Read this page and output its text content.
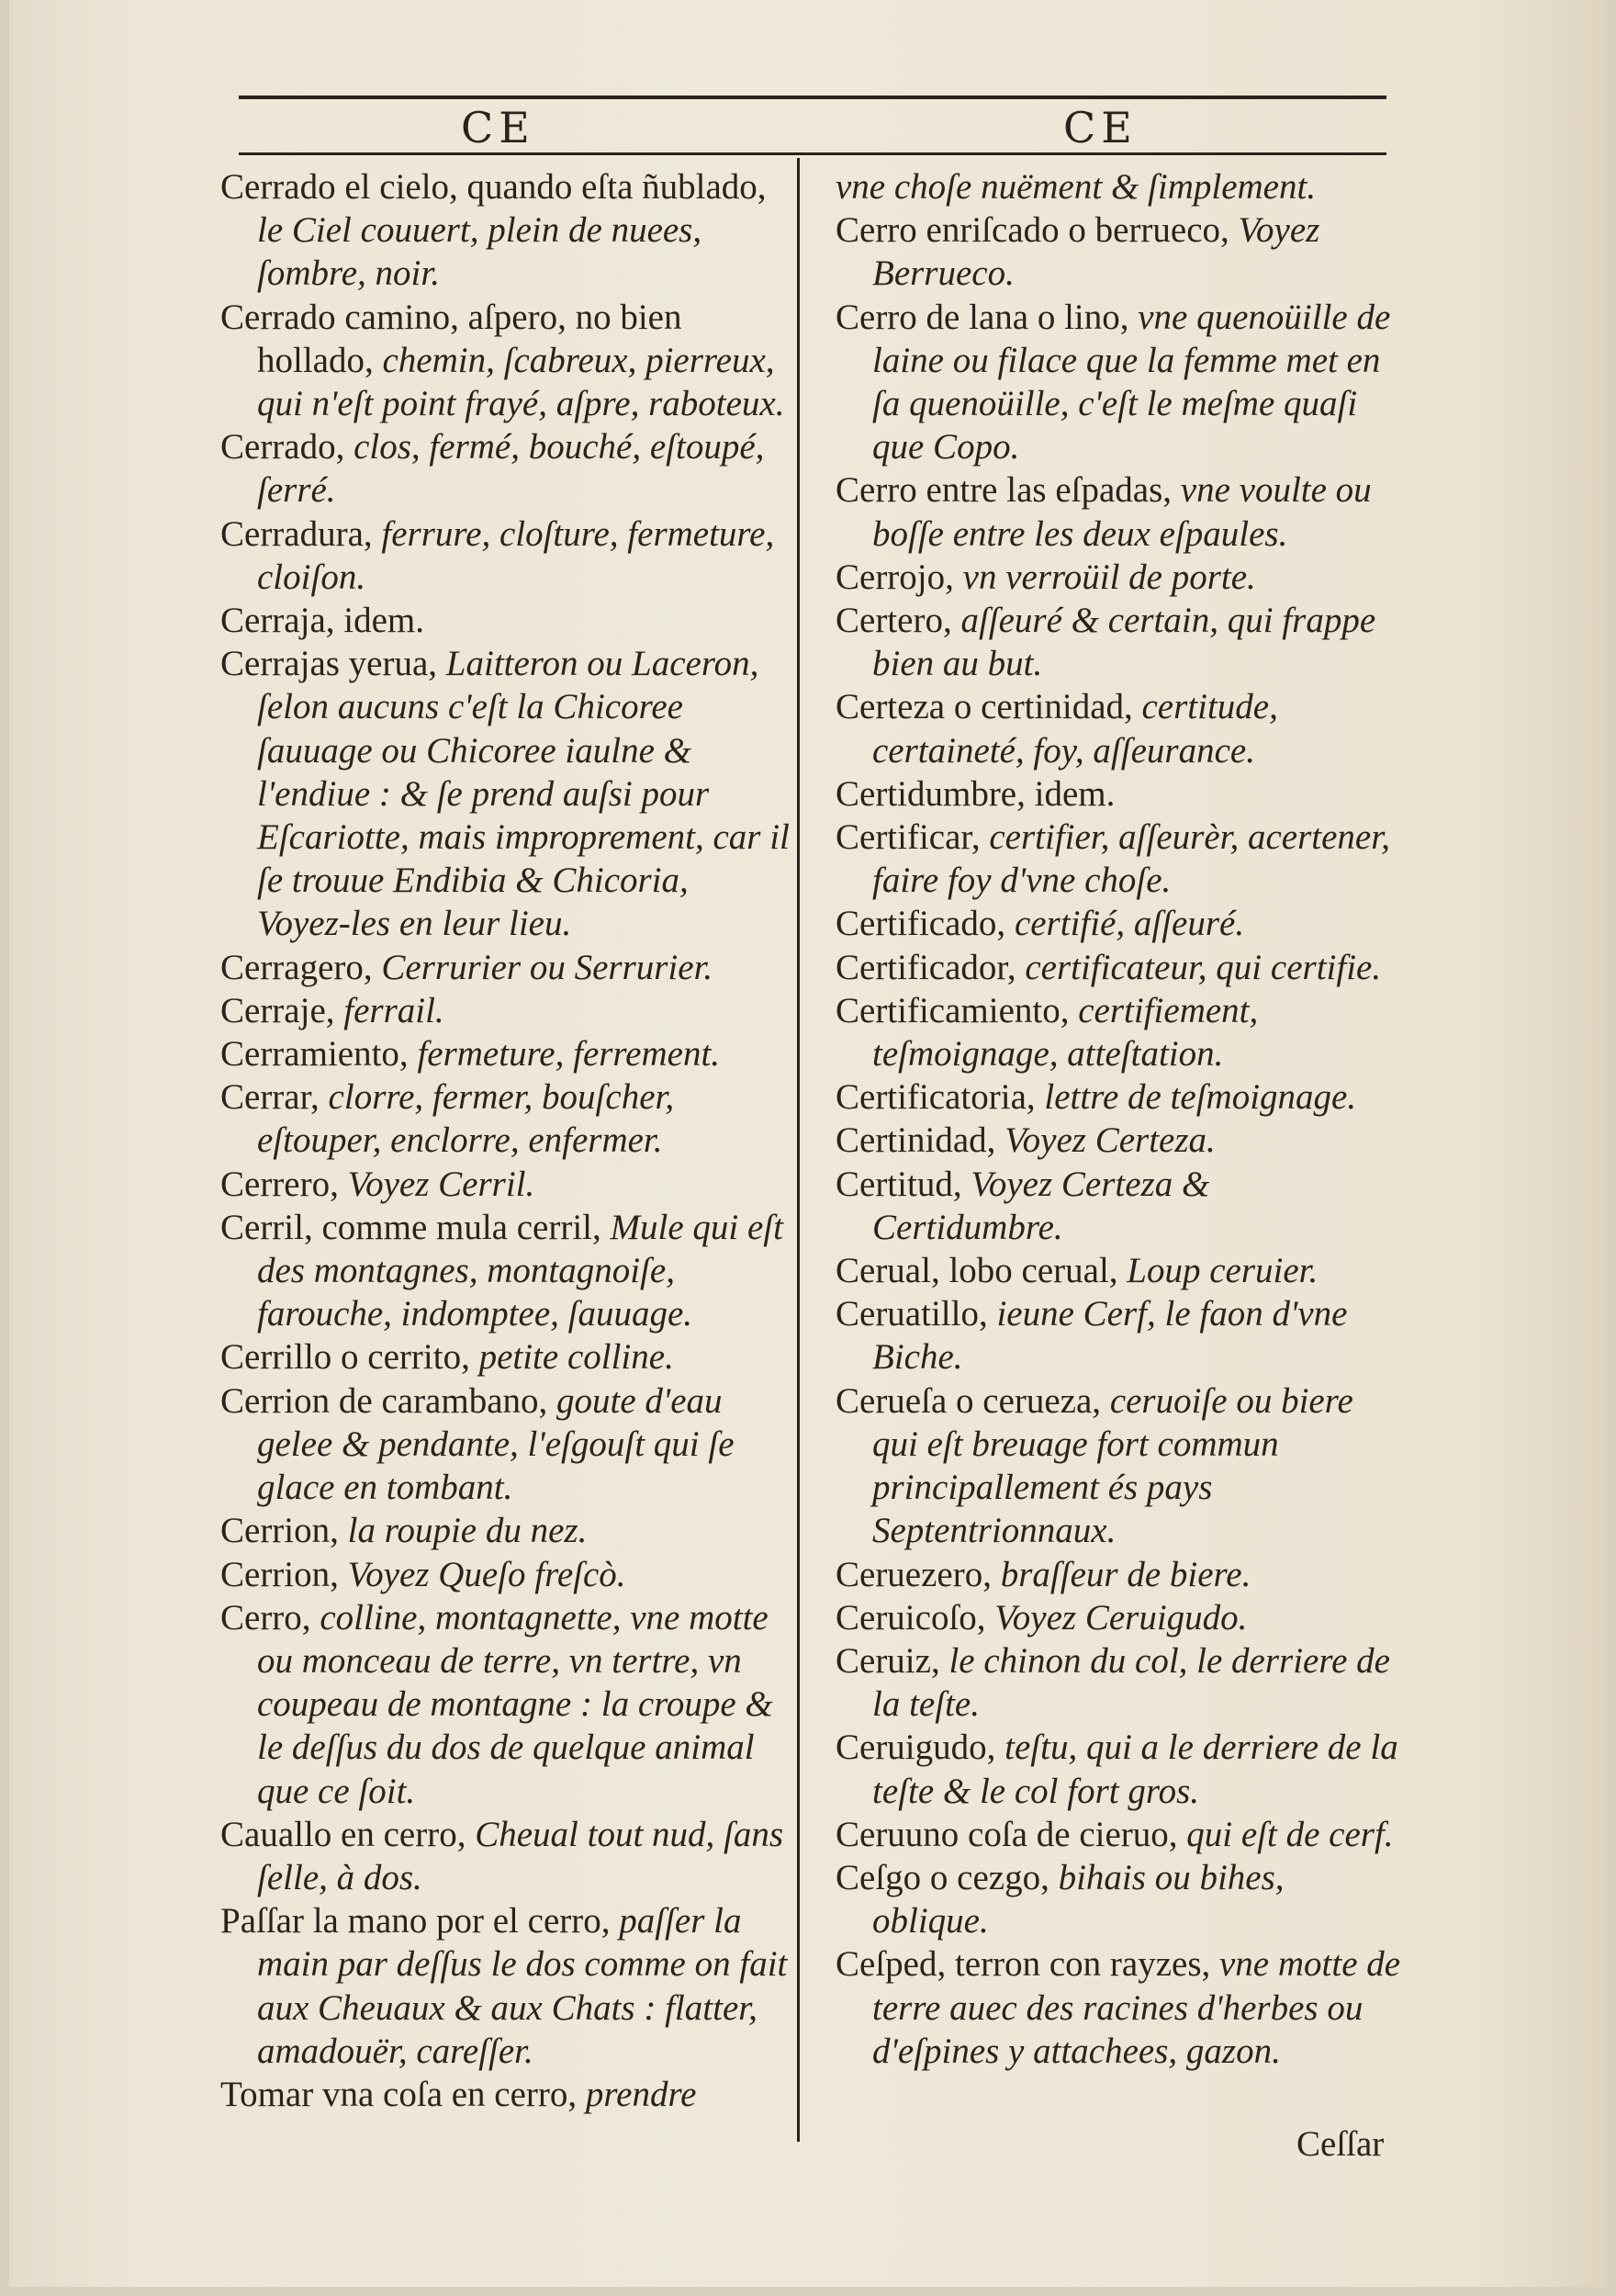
CE	CE

Cerrado el cielo, quando eſta ñublado, le Ciel couuert, plein de nuees, ſombre, noir.

Cerrado camino, aſpero, no bien hollado, chemin, ſcabreux, pierreux, qui n'eſt point frayé, aſpre, raboteux.

Cerrado, clos, fermé, bouché, eſtoupé, ſerré.

Cerradura, ferrure, cloſture, fermeture, cloiſon.

Cerraja, idem.

Cerrajas yerua, Laitteron ou Laceron, ſelon aucuns c'eſt la Chicoree ſauuage ou Chicoree iaulne & l'endiue : & ſe prend auſsi pour Eſcariotte, mais improprement, car il ſe trouue Endibia & Chicoria, Voyez-les en leur lieu.

Cerragero, Cerrurier ou Serrurier.

Cerraje, ferrail.

Cerramiento, fermeture, ferrement.

Cerrar, clorre, fermer, bouſcher, eſtouper, enclorre, enfermer.

Cerrero, Voyez Cerril.

Cerril, comme mula cerril, Mule qui eſt des montagnes, montagnoiſe, farouche, indomptee, ſauuage.

Cerrillo o cerrito, petite colline.

Cerrion de carambano, goute d'eau gelee & pendante, l'eſgouſt qui ſe glace en tombant.

Cerrion, la roupie du nez.

Cerrion, Voyez Queſo freſcò.

Cerro, colline, montagnette, vne motte ou monceau de terre, vn tertre, vn coupeau de montagne : la croupe & le deſſus du dos de quelque animal que ce ſoit.

Cauallo en cerro, Cheual tout nud, ſans ſelle, à dos.

Paſſar la mano por el cerro, paſſer la main par deſſus le dos comme on fait aux Cheuaux & aux Chats : flatter, amadouër, careſſer.

Tomar vna coſa en cerro, prendre

vne choſe nuëment & ſimplement.

Cerro enriſcado o berrueco, Voyez Berrueco.

Cerro de lana o lino, vne quenoüille de laine ou filace que la femme met en ſa quenoüille, c'eſt le meſme quaſi que Copo.

Cerro entre las eſpadas, vne voulte ou boſſe entre les deux eſpaules.

Cerrojo, vn verroüil de porte.

Certero, aſſeuré & certain, qui frappe bien au but.

Certeza o certinidad, certitude, certaineté, foy, aſſeurance.

Certidumbre, idem.

Certificar, certifier, aſſeurèr, acertener, faire foy d'vne choſe.

Certificado, certifié, aſſeuré.

Certificador, certificateur, qui certifie.

Certificamiento, certifiement, teſmoignage, atteſtation.

Certificatoria, lettre de teſmoignage.

Certinidad, Voyez Certeza.

Certitud, Voyez Certeza & Certidumbre.

Cerual, lobo cerual, Loup ceruier.

Ceruatillo, ieune Cerf, le faon d'vne Biche.

Cerueſa o cerueza, ceruoiſe ou biere qui eſt breuage fort commun principallement és pays Septentrionnaux.

Ceruezero, braſſeur de biere.

Ceruicoſo, Voyez Ceruigudo.

Ceruiz, le chinon du col, le derriere de la teſte.

Ceruigudo, teſtu, qui a le derriere de la teſte & le col fort gros.

Ceruuno coſa de cieruo, qui eſt de cerf.

Ceſgo o cezgo, bihais ou bihes, oblique.

Ceſped, terron con rayzes, vne motte de terre auec des racines d'herbes ou d'eſpines y attachees, gazon.

Ceſſar
